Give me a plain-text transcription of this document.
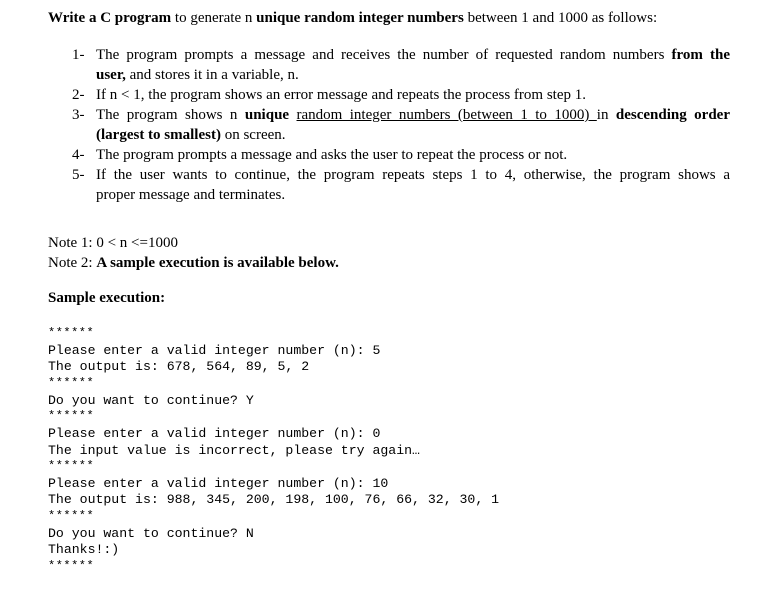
Write a C program to generate n unique random integer numbers between 1 and 1000 as follows:
1- The program prompts a message and receives the number of requested random numbers from the
user, and stores it in a variable, n.
2- If n < 1, the program shows an error message and repeats the process from step 1.
3- The program shows n unique random integer numbers (between 1 to 1000) in descending order
(largest to smallest) on screen.
4- The program prompts a message and asks the user to repeat the process or not.
5- If the user wants to continue, the program repeats steps 1 to 4, otherwise, the program shows a
proper message and terminates.
Note 1: 0 < n <=1000
Note 2: A sample execution is available below.
Sample execution:
******
Please enter a valid integer number (n): 5
The output is: 678, 564, 89, 5, 2
******
Do you want to continue? Y
******
Please enter a valid integer number (n): 0
The input value is incorrect, please try again…
******
Please enter a valid integer number (n): 10
The output is: 988, 345, 200, 198, 100, 76, 66, 32, 30, 1
******
Do you want to continue? N
Thanks!:)
******
